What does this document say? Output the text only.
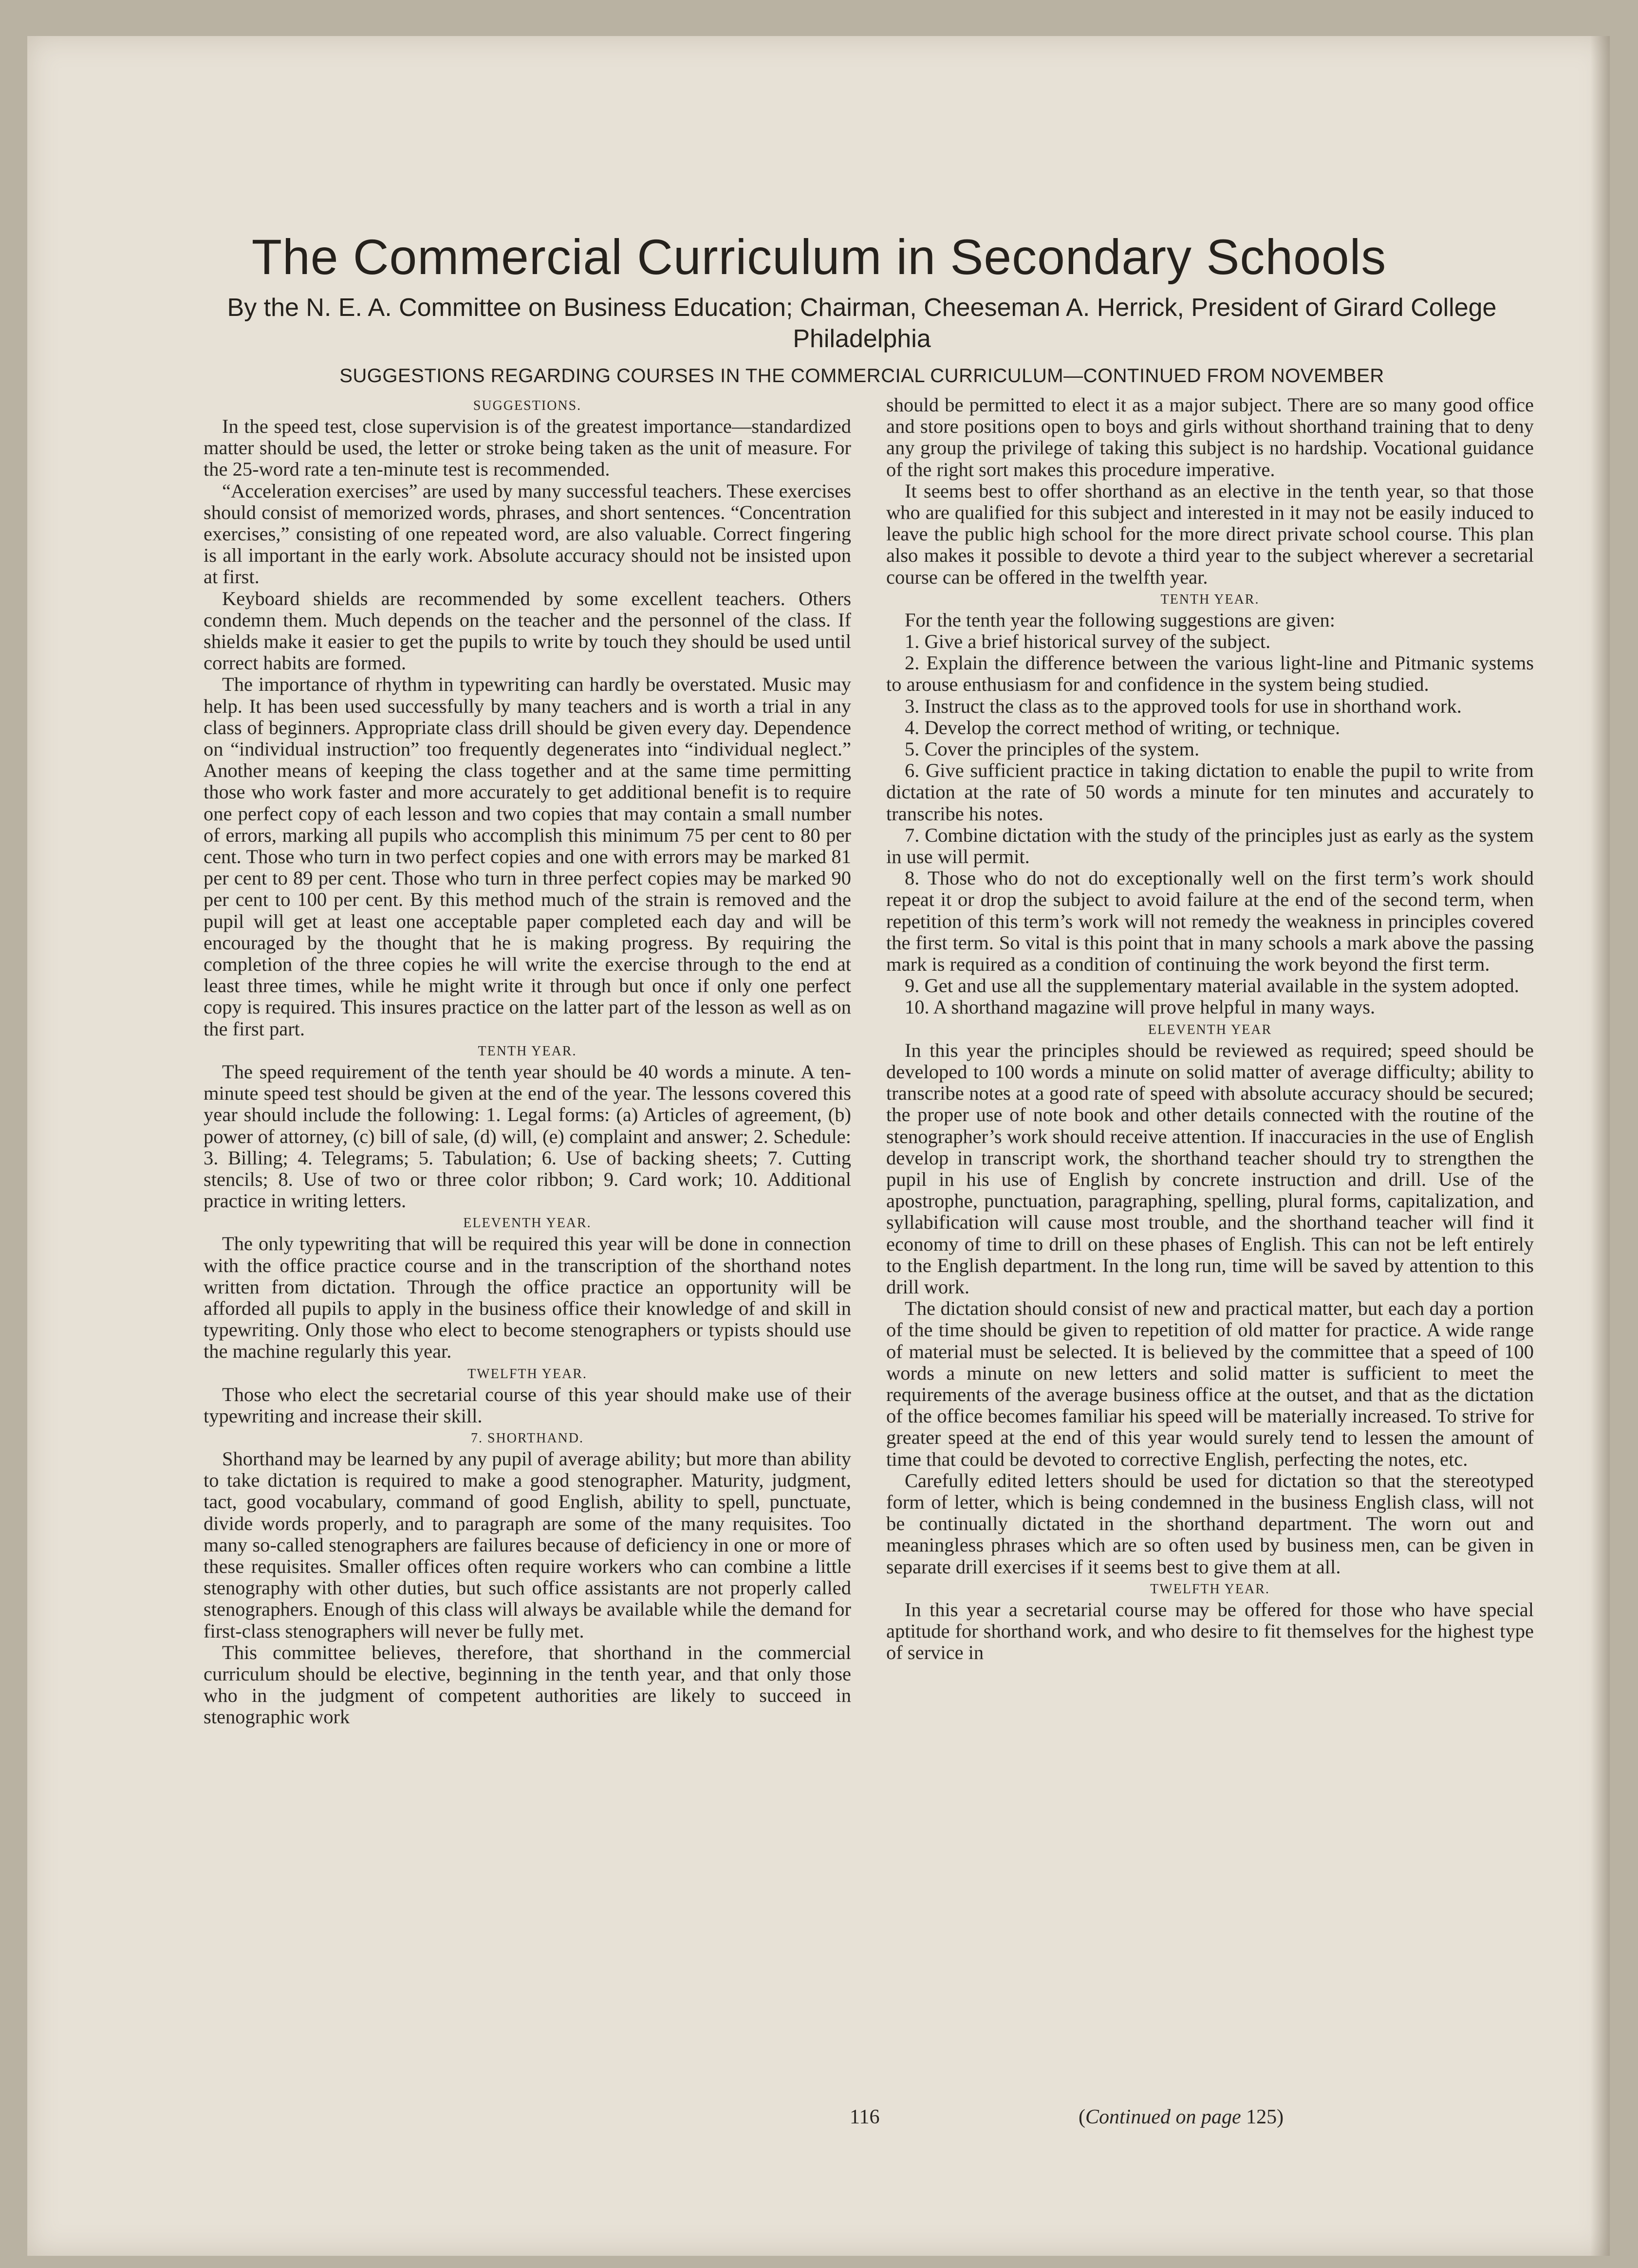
The Commercial Curriculum in Secondary Schools

By the N. E. A. Committee on Business Education; Chairman, Cheeseman A. Herrick, President of Girard College Philadelphia

SUGGESTIONS REGARDING COURSES IN THE COMMERCIAL CURRICULUM—CONTINUED FROM NOVEMBER

SUGGESTIONS.

In the speed test, close supervision is of the greatest importance—standardized matter should be used, the letter or stroke being taken as the unit of measure. For the 25-word rate a ten-minute test is recommended.

“Acceleration exercises” are used by many successful teachers. These exercises should consist of memorized words, phrases, and short sentences. “Concentration exercises,” consisting of one repeated word, are also valuable. Correct fingering is all important in the early work. Absolute accuracy should not be insisted upon at first.

Keyboard shields are recommended by some excellent teachers. Others condemn them. Much depends on the teacher and the personnel of the class. If shields make it easier to get the pupils to write by touch they should be used until correct habits are formed.

The importance of rhythm in typewriting can hardly be overstated. Music may help. It has been used successfully by many teachers and is worth a trial in any class of beginners. Appropriate class drill should be given every day. Dependence on “individual instruction” too frequently degenerates into “individual neglect.” Another means of keeping the class together and at the same time permitting those who work faster and more accurately to get additional benefit is to require one perfect copy of each lesson and two copies that may contain a small number of errors, marking all pupils who accomplish this minimum 75 per cent to 80 per cent. Those who turn in two perfect copies and one with errors may be marked 81 per cent to 89 per cent. Those who turn in three perfect copies may be marked 90 per cent to 100 per cent. By this method much of the strain is removed and the pupil will get at least one acceptable paper completed each day and will be encouraged by the thought that he is making progress. By requiring the completion of the three copies he will write the exercise through to the end at least three times, while he might write it through but once if only one perfect copy is required. This insures practice on the latter part of the lesson as well as on the first part.

TENTH YEAR.

The speed requirement of the tenth year should be 40 words a minute. A ten-minute speed test should be given at the end of the year. The lessons covered this year should include the following: 1. Legal forms: (a) Articles of agreement, (b) power of attorney, (c) bill of sale, (d) will, (e) complaint and answer; 2. Schedule: 3. Billing; 4. Telegrams; 5. Tabulation; 6. Use of backing sheets; 7. Cutting stencils; 8. Use of two or three color ribbon; 9. Card work; 10. Additional practice in writing letters.

ELEVENTH YEAR.

The only typewriting that will be required this year will be done in connection with the office practice course and in the transcription of the shorthand notes written from dictation. Through the office practice an opportunity will be afforded all pupils to apply in the business office their knowledge of and skill in typewriting. Only those who elect to become stenographers or typists should use the machine regularly this year.

TWELFTH YEAR.

Those who elect the secretarial course of this year should make use of their typewriting and increase their skill.

7. SHORTHAND.

Shorthand may be learned by any pupil of average ability; but more than ability to take dictation is required to make a good stenographer. Maturity, judgment, tact, good vocabulary, command of good English, ability to spell, punctuate, divide words properly, and to paragraph are some of the many requisites. Too many so-called stenographers are failures because of deficiency in one or more of these requisites. Smaller offices often require workers who can combine a little stenography with other duties, but such office assistants are not properly called stenographers. Enough of this class will always be available while the demand for first-class stenographers will never be fully met.

This committee believes, therefore, that shorthand in the commercial curriculum should be elective, beginning in the tenth year, and that only those who in the judgment of competent authorities are likely to succeed in stenographic work

should be permitted to elect it as a major subject. There are so many good office and store positions open to boys and girls without shorthand training that to deny any group the privilege of taking this subject is no hardship. Vocational guidance of the right sort makes this procedure imperative.

It seems best to offer shorthand as an elective in the tenth year, so that those who are qualified for this subject and interested in it may not be easily induced to leave the public high school for the more direct private school course. This plan also makes it possible to devote a third year to the subject wherever a secretarial course can be offered in the twelfth year.

TENTH YEAR.

For the tenth year the following suggestions are given:

1. Give a brief historical survey of the subject.

2. Explain the difference between the various light-line and Pitmanic systems to arouse enthusiasm for and confidence in the system being studied.

3. Instruct the class as to the approved tools for use in shorthand work.

4. Develop the correct method of writing, or technique.

5. Cover the principles of the system.

6. Give sufficient practice in taking dictation to enable the pupil to write from dictation at the rate of 50 words a minute for ten minutes and accurately to transcribe his notes.

7. Combine dictation with the study of the principles just as early as the system in use will permit.

8. Those who do not do exceptionally well on the first term’s work should repeat it or drop the subject to avoid failure at the end of the second term, when repetition of this term’s work will not remedy the weakness in principles covered the first term. So vital is this point that in many schools a mark above the passing mark is required as a condition of continuing the work beyond the first term.

9. Get and use all the supplementary material available in the system adopted.

10. A shorthand magazine will prove helpful in many ways.

ELEVENTH YEAR

In this year the principles should be reviewed as required; speed should be developed to 100 words a minute on solid matter of average difficulty; ability to transcribe notes at a good rate of speed with absolute accuracy should be secured; the proper use of note book and other details connected with the routine of the stenographer’s work should receive attention. If inaccuracies in the use of English develop in transcript work, the shorthand teacher should try to strengthen the pupil in his use of English by concrete instruction and drill. Use of the apostrophe, punctuation, paragraphing, spelling, plural forms, capitalization, and syllabification will cause most trouble, and the shorthand teacher will find it economy of time to drill on these phases of English. This can not be left entirely to the English department. In the long run, time will be saved by attention to this drill work.

The dictation should consist of new and practical matter, but each day a portion of the time should be given to repetition of old matter for practice. A wide range of material must be selected. It is believed by the committee that a speed of 100 words a minute on new letters and solid matter is sufficient to meet the requirements of the average business office at the outset, and that as the dictation of the office becomes familiar his speed will be materially increased. To strive for greater speed at the end of this year would surely tend to lessen the amount of time that could be devoted to corrective English, perfecting the notes, etc.

Carefully edited letters should be used for dictation so that the stereotyped form of letter, which is being condemned in the business English class, will not be continually dictated in the shorthand department. The worn out and meaningless phrases which are so often used by business men, can be given in separate drill exercises if it seems best to give them at all.

TWELFTH YEAR.

In this year a secretarial course may be offered for those who have special aptitude for shorthand work, and who desire to fit themselves for the highest type of service in

116	(Continued on page 125)
